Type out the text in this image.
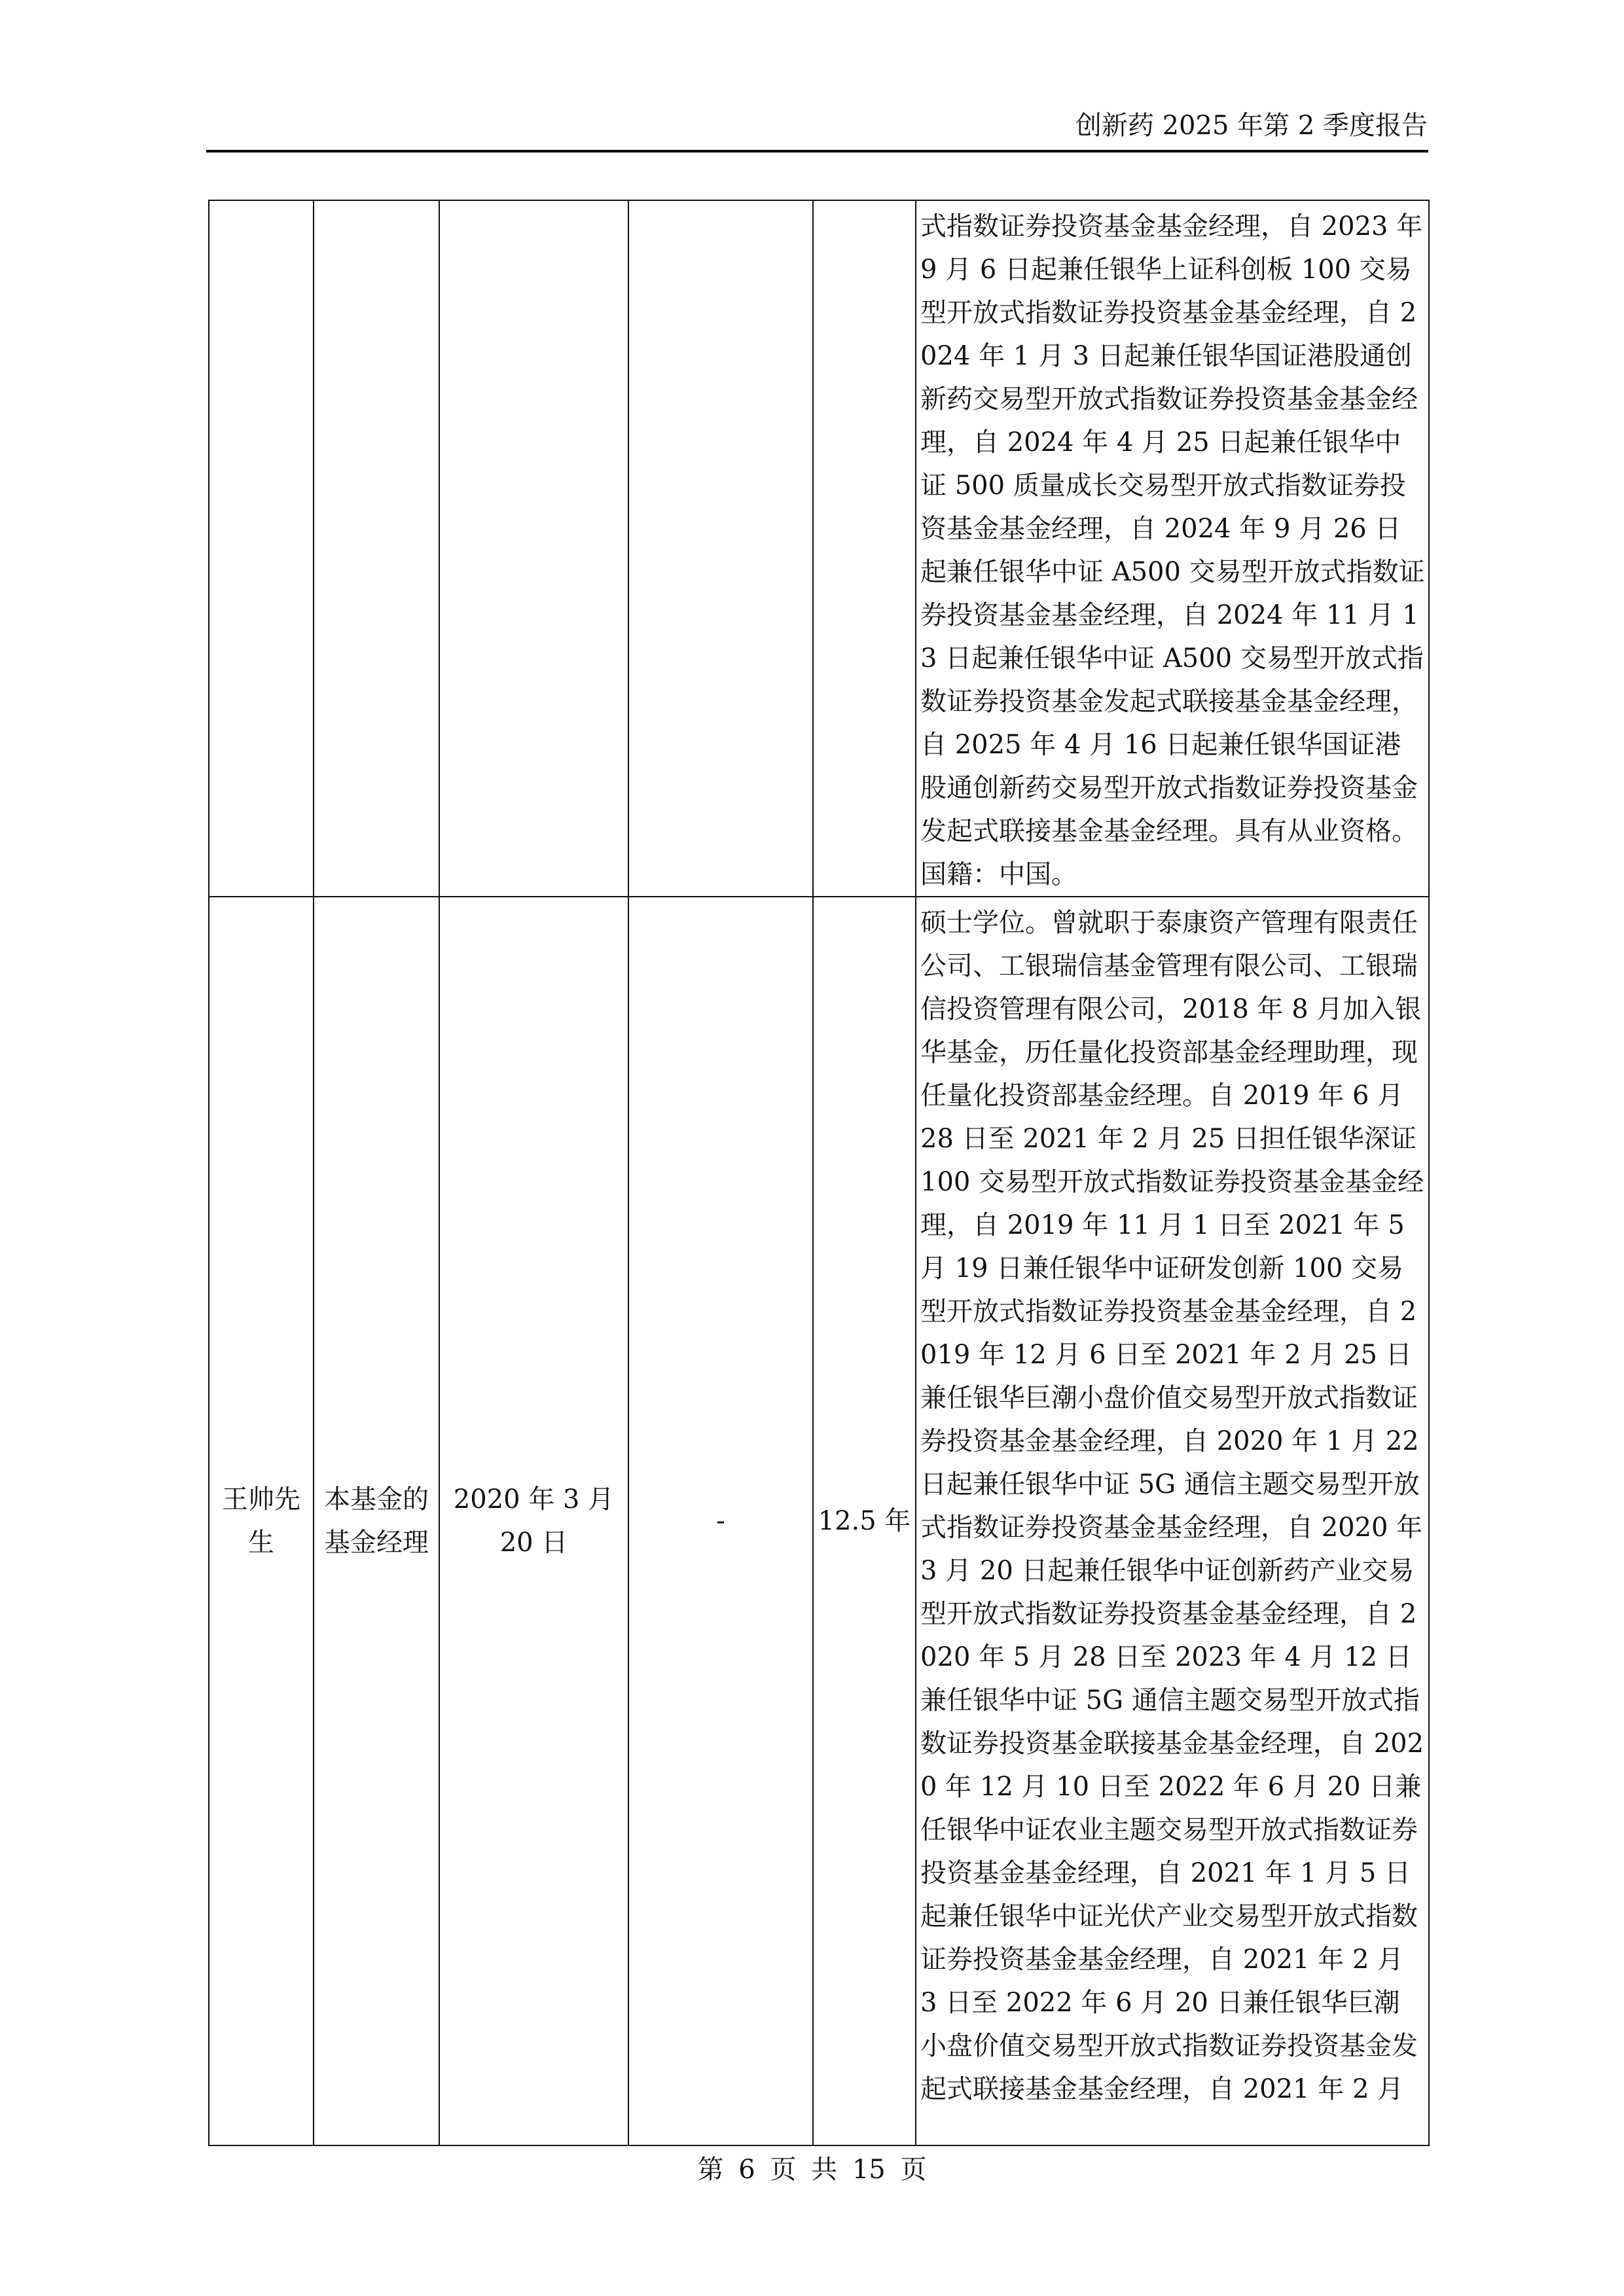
创新药 2025 年第 2 季度报告
					式指数证券投资基金基金经理，自 2023 年 9 月 6 日起兼任银华上证科创板 100 交易型开放式指数证券投资基金基金经理，自 2024 年 1 月 3 日起兼任银华国证港股通创新药交易型开放式指数证券投资基金基金经理，自 2024 年 4 月 25 日起兼任银华中证 500 质量成长交易型开放式指数证券投资基金基金经理，自 2024 年 9 月 26 日起兼任银华中证 A500 交易型开放式指数证券投资基金基金经理，自 2024 年 11 月 13 日起兼任银华中证 A500 交易型开放式指数证券投资基金发起式联接基金基金经理，自 2025 年 4 月 16 日起兼任银华国证港股通创新药交易型开放式指数证券投资基金发起式联接基金基金经理。具有从业资格。国籍：中国。
王帅先生	本基金的基金经理	2020 年 3 月 20 日	-	12.5 年	硕士学位。曾就职于泰康资产管理有限责任公司、工银瑞信基金管理有限公司、工银瑞信投资管理有限公司，2018 年 8 月加入银华基金，历任量化投资部基金经理助理，现任量化投资部基金经理。自 2019 年 6 月 28 日至 2021 年 2 月 25 日担任银华深证 100 交易型开放式指数证券投资基金基金经理，自 2019 年 11 月 1 日至 2021 年 5 月 19 日兼任银华中证研发创新 100 交易型开放式指数证券投资基金基金经理，自 2019 年 12 月 6 日至 2021 年 2 月 25 日兼任银华巨潮小盘价值交易型开放式指数证券投资基金基金经理，自 2020 年 1 月 22 日起兼任银华中证 5G 通信主题交易型开放式指数证券投资基金基金经理，自 2020 年 3 月 20 日起兼任银华中证创新药产业交易型开放式指数证券投资基金基金经理，自 2020 年 5 月 28 日至 2023 年 4 月 12 日兼任银华中证 5G 通信主题交易型开放式指数证券投资基金联接基金基金经理，自 2020 年 12 月 10 日至 2022 年 6 月 20 日兼任银华中证农业主题交易型开放式指数证券投资基金基金经理，自 2021 年 1 月 5 日起兼任银华中证光伏产业交易型开放式指数证券投资基金基金经理，自 2021 年 2 月 3 日至 2022 年 6 月 20 日兼任银华巨潮小盘价值交易型开放式指数证券投资基金发起式联接基金基金经理，自 2021 年 2 月
第 6 页 共 15 页
